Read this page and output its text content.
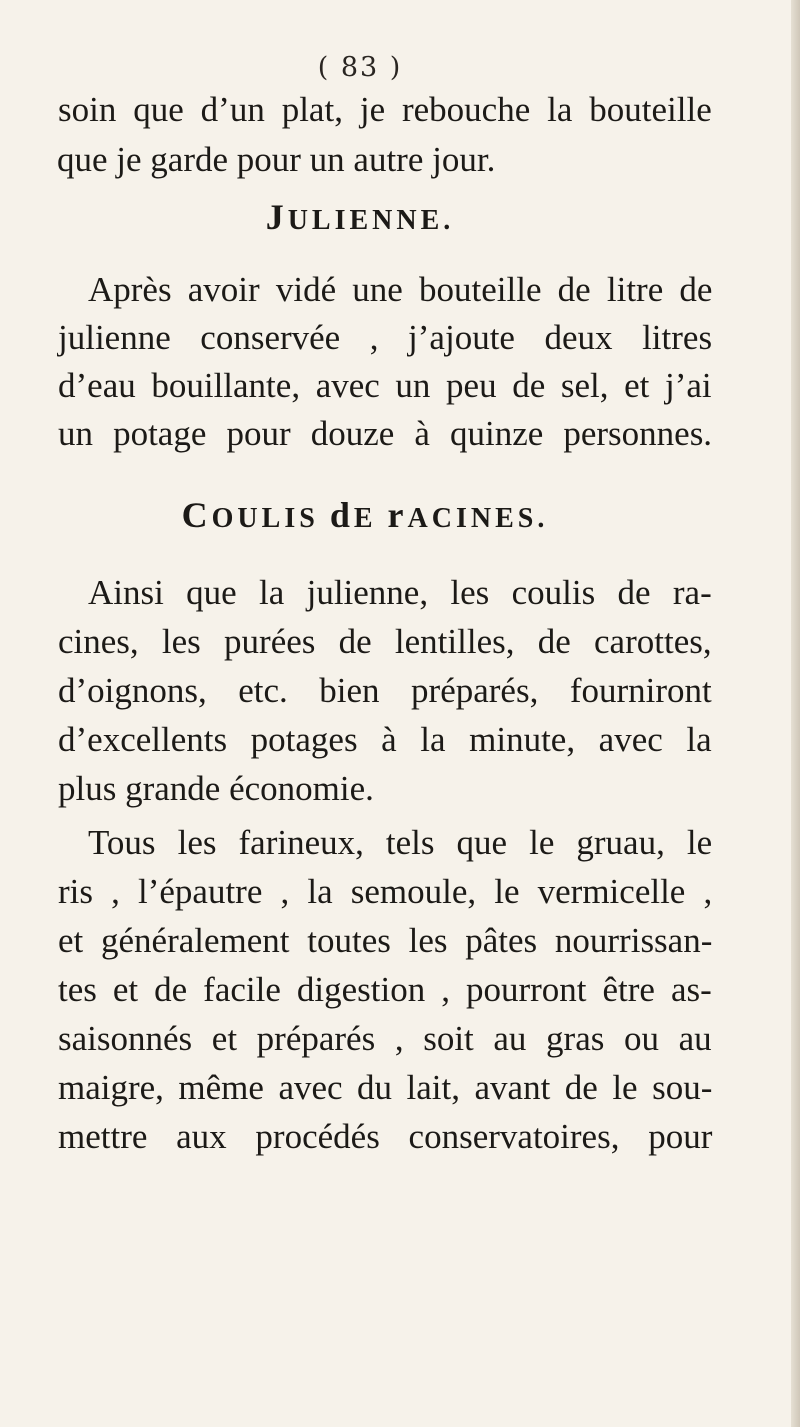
( 83 )
soin que d’un plat, je rebouche la bouteille
que je garde pour un autre jour.
JULIENNE.
Après avoir vidé une bouteille de litre de
julienne conservée , j’ajoute deux litres
d’eau bouillante, avec un peu de sel, et j’ai
un potage pour douze à quinze personnes.
COULIS dE rACINES.
Ainsi que la julienne, les coulis de ra-
cines, les purées de lentilles, de carottes,
d’oignons, etc. bien préparés, fourniront
d’excellents potages à la minute, avec la
plus grande économie.
Tous les farineux, tels que le gruau, le
ris , l’épautre , la semoule, le vermicelle ,
et généralement toutes les pâtes nourrissan-
tes et de facile digestion , pourront être as-
saisonnés et préparés , soit au gras ou au
maigre, même avec du lait, avant de le sou-
mettre aux procédés conservatoires, pour
